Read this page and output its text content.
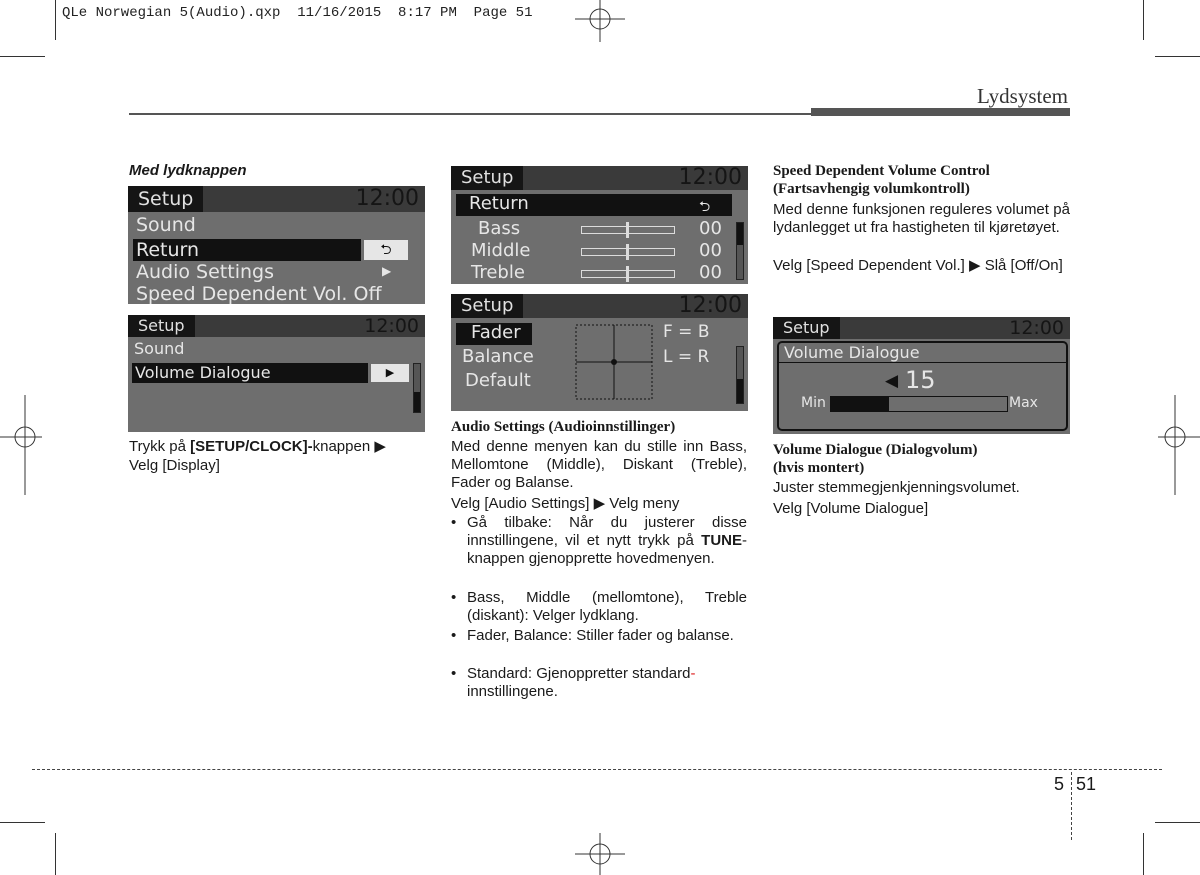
QLe Norwegian 5(Audio).qxp  11/16/2015  8:17 PM  Page 51
Lydsystem
Med lydknappen
Setup	12:00
Sound
Return	⮌
Audio Settings	▶
Speed Dependent Vol. Off
Setup	12:00
Sound
Volume Dialogue	▶
Trykk på [SETUP/CLOCK]-knappen ▶
Velg [Display]
Setup	12:00
Return	⮌
Bass	00
Middle	00
Treble	00
Setup	12:00
Fader
Balance
Default
F = B
L = R
Audio Settings (Audioinnstillinger)
Med denne menyen kan du stille inn Bass, Mellomtone (Middle), Diskant (Treble), Fader og Balanse.
Velg [Audio Settings] ▶ Velg meny
• Gå tilbake: Når du justerer disse innstillingene, vil et nytt trykk på TUNE-knappen gjenopprette hovedmenyen.
• Bass, Middle (mellomtone), Treble (diskant): Velger lydklang.
• Fader, Balance: Stiller fader og balanse.
• Standard: Gjenoppretter standard-
innstillingene.
Speed Dependent Volume Control
(Fartsavhengig volumkontroll)
Med denne funksjonen reguleres volumet på lydanlegget ut fra hastigheten til kjøretøyet.
Velg [Speed Dependent Vol.] ▶ Slå [Off/On]
Setup	12:00
Volume Dialogue
◀ 15
Min	Max
Volume Dialogue (Dialogvolum)
(hvis montert)
Juster stemmegjenkjenningsvolumet.
Velg [Volume Dialogue]
5 51
